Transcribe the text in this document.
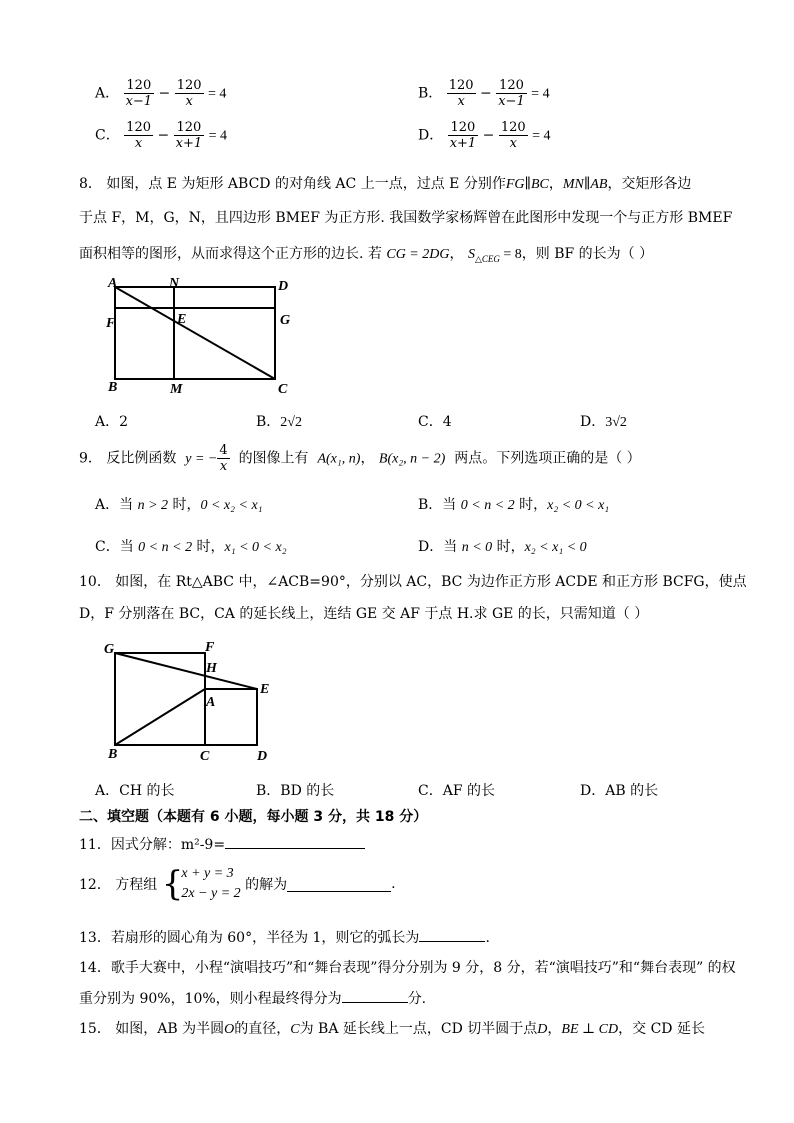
A． $\frac{120}{x-1} - \frac{120}{x} = 4$	B． $\frac{120}{x} - \frac{120}{x-1} = 4$
C． $\frac{120}{x} - \frac{120}{x+1} = 4$	D． $\frac{120}{x+1} - \frac{120}{x} = 4$
8． 如图，点 E 为矩形 ABCD 的对角线 AC 上一点，过点 E 分别作FG∥BC，MN∥AB，交矩形各边
于点 F，M，G，N，且四边形 BMEF 为正方形. 我国数学家杨辉曾在此图形中发现一个与正方形 BMEF
面积相等的图形，从而求得这个正方形的边长. 若 CG = 2DG， $S_{\triangle CEG} = 8$，则 BF 的长为（ ）
A	N	D
F	E	G
B	M	C
A．2	B．2√2	C．4	D．3√2
9． 反比例函数 y = − $\frac{4}{x}$ 的图像上有 A(x₁, n)， B(x₂, n − 2) 两点。下列选项正确的是（ ）
A．当 n > 2 时，0 < x₂ < x₁	B．当 0 < n < 2 时，x₂ < 0 < x₁
C．当 0 < n < 2 时，x₁ < 0 < x₂	D．当 n < 0 时，x₂ < x₁ < 0
10． 如图，在 Rt△ABC 中，∠ACB=90°，分别以 AC，BC 为边作正方形 ACDE 和正方形 BCFG，使点
D，F 分别落在 BC，CA 的延长线上，连结 GE 交 AF 于点 H.求 GE 的长，只需知道（ ）
G	F
H
E
A
B	C	D
A．CH 的长	B．BD 的长	C．AF 的长	D．AB 的长
二、填空题（本题有 6 小题，每小题 3 分，共 18 分）
11．因式分解：m²-9=
12． 方程组 {
x + y = 3
2x − y = 2
的解为	.
13．若扇形的圆心角为 60°，半径为 1，则它的弧长为	.
14．歌手大赛中，小程“演唱技巧”和“舞台表现”得分分别为 9 分，8 分，若“演唱技巧”和“舞台表现” 的权
重分别为 90%，10%，则小程最终得分为	分.
15． 如图，AB 为半圆O的直径，C为 BA 延长线上一点，CD 切半圆于点D，BE ⊥ CD，交 CD 延长
